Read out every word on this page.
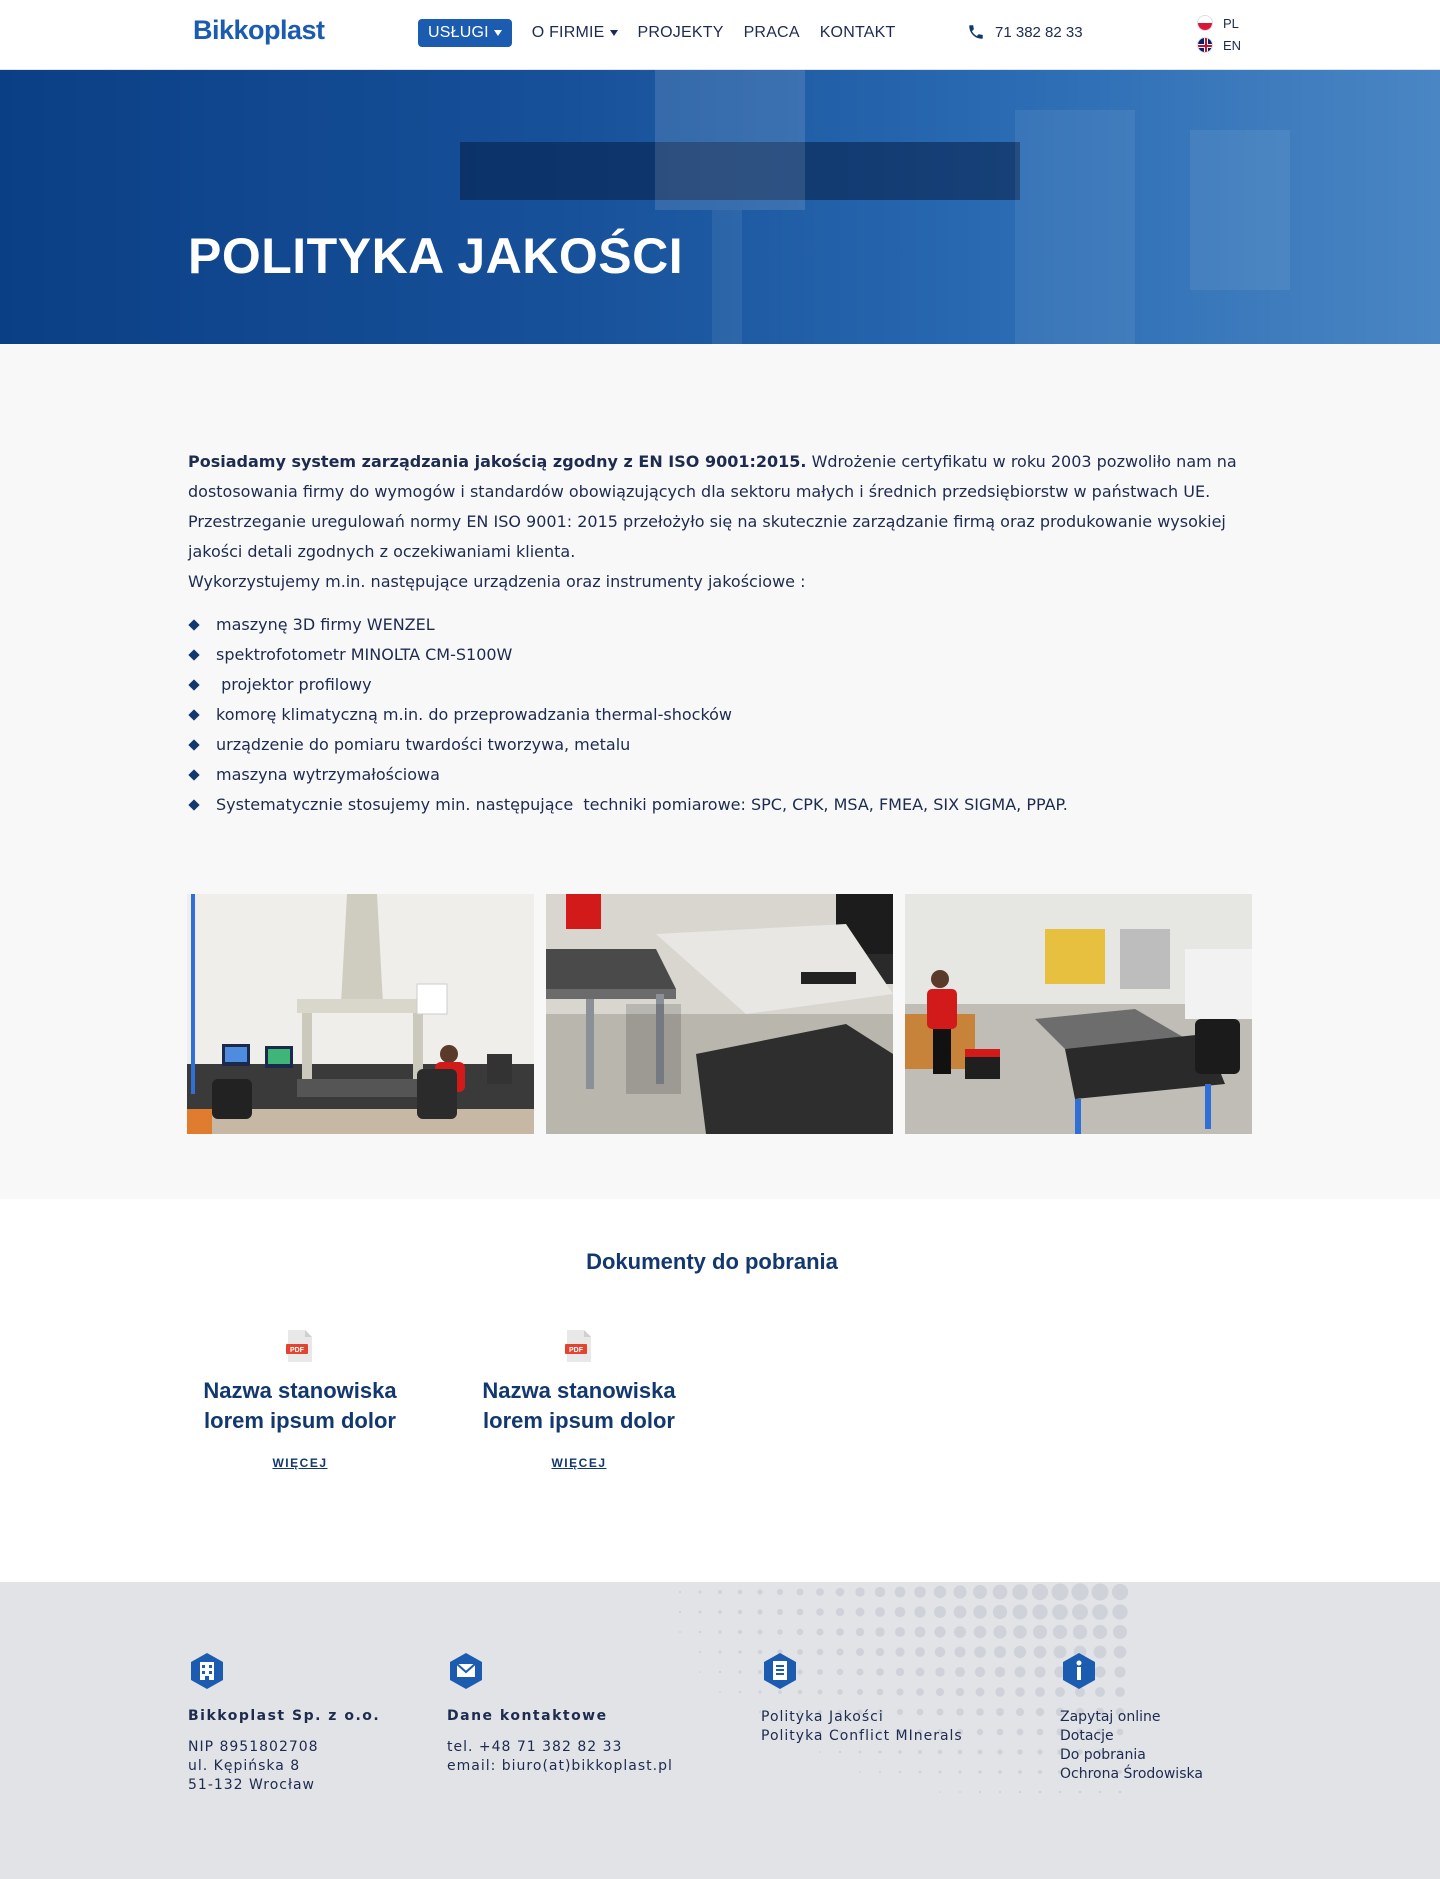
Bikkoplast	USŁUGI	O FIRMIE PROJEKTY PRACA KONTAKT	71 382 82 33
PL
EN
POLITYKA JAKOŚCI

Posiadamy system zarządzania jakością zgodny z EN ISO 9001:2015. Wdrożenie certyfikatu w roku 2003 pozwoliło nam na dostosowania firmy do wymogów i standardów obowiązujących dla sektoru małych i średnich przedsiębiorstw w państwach UE. Przestrzeganie uregulowań normy EN ISO 9001: 2015 przełożyło się na skutecznie zarządzanie firmą oraz produkowanie wysokiej jakości detali zgodnych z oczekiwaniami klienta.
Wykorzystujemy m.in. następujące urządzenia oraz instrumenty jakościowe :

maszynę 3D firmy WENZEL
spektrofotometr MINOLTA CM-S100W
projektor profilowy
komorę klimatyczną m.in. do przeprowadzania thermal-shocków
urządzenie do pomiaru twardości tworzywa, metalu
maszyna wytrzymałościowa
Systematycznie stosujemy min. następujące  techniki pomiarowe: SPC, CPK, MSA, FMEA, SIX SIGMA, PPAP.
Dokumenty do pobrania
PDF
Nazwa stanowiska
lorem ipsum dolor
WIĘCEJ
PDF
Nazwa stanowiska
lorem ipsum dolor
WIĘCEJ
Bikkoplast Sp. z o.o.
NIP 8951802708
ul. Kępińska 8
51-132 Wrocław
Dane kontaktowe
tel. +48 71 382 82 33
email: biuro(at)bikkoplast.pl
Polityka Jakości
Polityka Conflict MInerals
Zapytaj online
Dotacje
Do pobrania
Ochrona Środowiska
